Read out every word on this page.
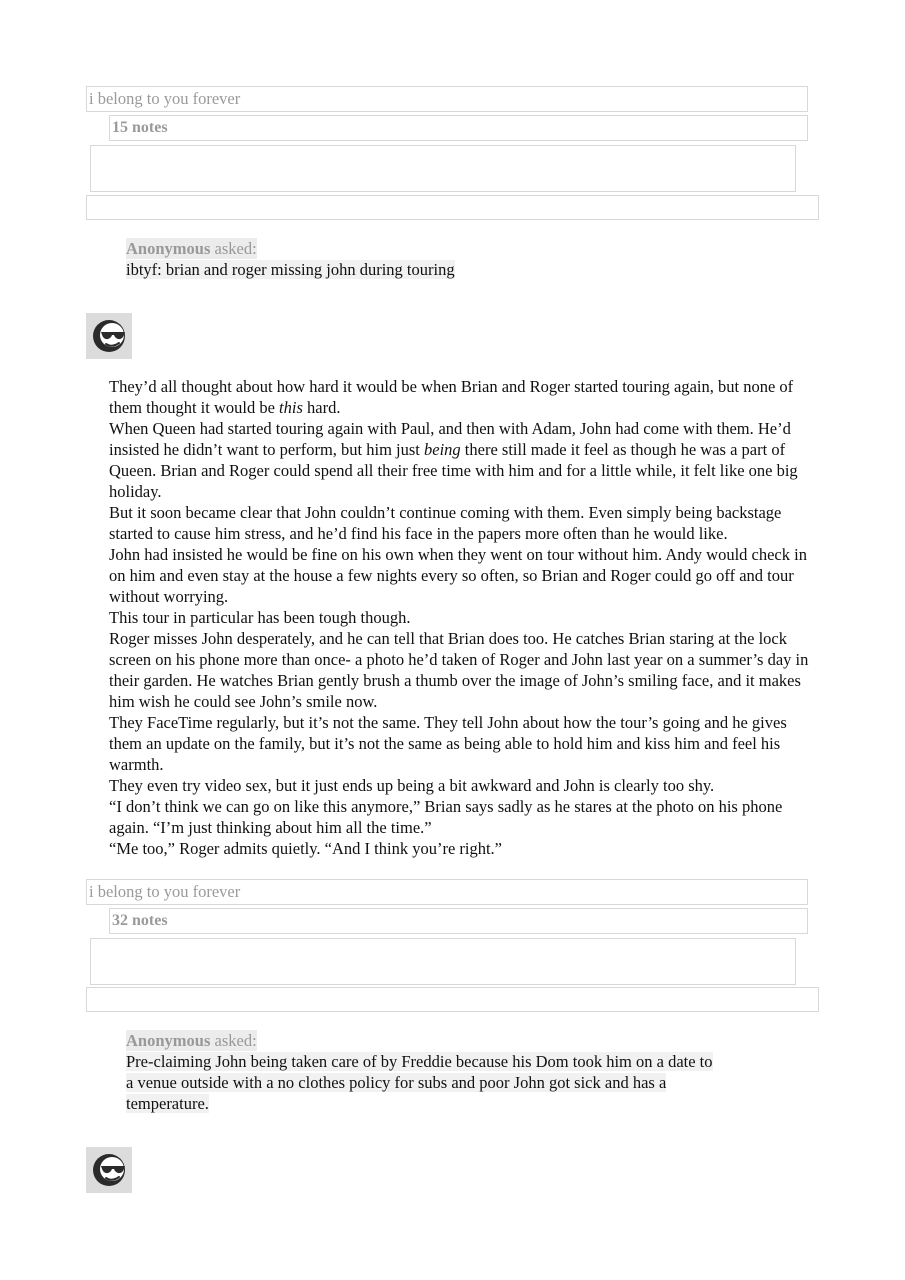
i belong to you forever
15 notes
Anonymous asked:
ibtyf: brian and roger missing john during touring

They’d all thought about how hard it would be when Brian and Roger started touring again, but none of them thought it would be this hard.

When Queen had started touring again with Paul, and then with Adam, John had come with them. He’d insisted he didn’t want to perform, but him just being there still made it feel as though he was a part of Queen. Brian and Roger could spend all their free time with him and for a little while, it felt like one big holiday.

But it soon became clear that John couldn’t continue coming with them. Even simply being backstage started to cause him stress, and he’d find his face in the papers more often than he would like.

John had insisted he would be fine on his own when they went on tour without him. Andy would check in on him and even stay at the house a few nights every so often, so Brian and Roger could go off and tour without worrying.

This tour in particular has been tough though.

Roger misses John desperately, and he can tell that Brian does too. He catches Brian staring at the lock screen on his phone more than once- a photo he’d taken of Roger and John last year on a summer’s day in their garden. He watches Brian gently brush a thumb over the image of John’s smiling face, and it makes him wish he could see John’s smile now.

They FaceTime regularly, but it’s not the same. They tell John about how the tour’s going and he gives them an update on the family, but it’s not the same as being able to hold him and kiss him and feel his warmth.

They even try video sex, but it just ends up being a bit awkward and John is clearly too shy.

“I don’t think we can go on like this anymore,” Brian says sadly as he stares at the photo on his phone again. “I’m just thinking about him all the time.”

“Me too,” Roger admits quietly. “And I think you’re right.”

i belong to you forever
32 notes
Anonymous asked:
Pre-claiming John being taken care of by Freddie because his Dom took him on a date to a venue outside with a no clothes policy for subs and poor John got sick and has a temperature.
